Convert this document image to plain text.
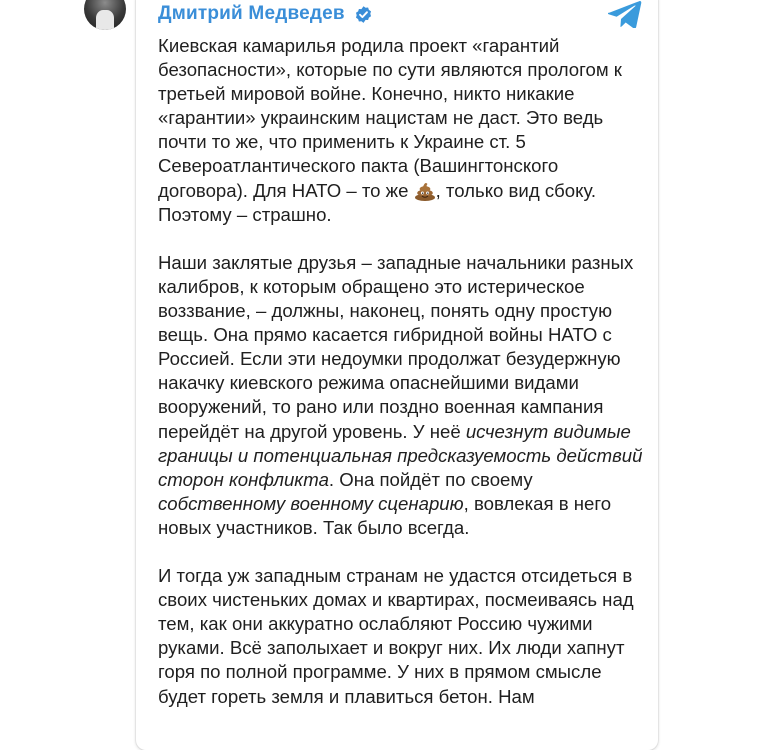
Дмитрий Медведев

Киевская камарилья родила проект «гарантий безопасности», которые по сути являются прологом к третьей мировой войне. Конечно, никто никакие «гарантии» украинским нацистам не даст. Это ведь почти то же, что применить к Украине ст. 5 Североатлантического пакта (Вашингтонского договора). Для НАТО – то же , только вид сбоку. Поэтому – страшно.

Наши заклятые друзья – западные начальники разных калибров, к которым обращено это истерическое воззвание, – должны, наконец, понять одну простую вещь. Она прямо касается гибридной войны НАТО с Россией. Если эти недоумки продолжат безудержную накачку киевского режима опаснейшими видами вооружений, то рано или поздно военная кампания перейдёт на другой уровень. У неё исчезнут видимые границы и потенциальная предсказуемость действий сторон конфликта. Она пойдёт по своему собственному военному сценарию, вовлекая в него новых участников. Так было всегда.

И тогда уж западным странам не удастся отсидеться в своих чистеньких домах и квартирах, посмеиваясь над тем, как они аккуратно ослабляют Россию чужими руками. Всё заполыхает и вокруг них. Их люди хапнут горя по полной программе. У них в прямом смысле будет гореть земля и плавиться бетон. Нам
